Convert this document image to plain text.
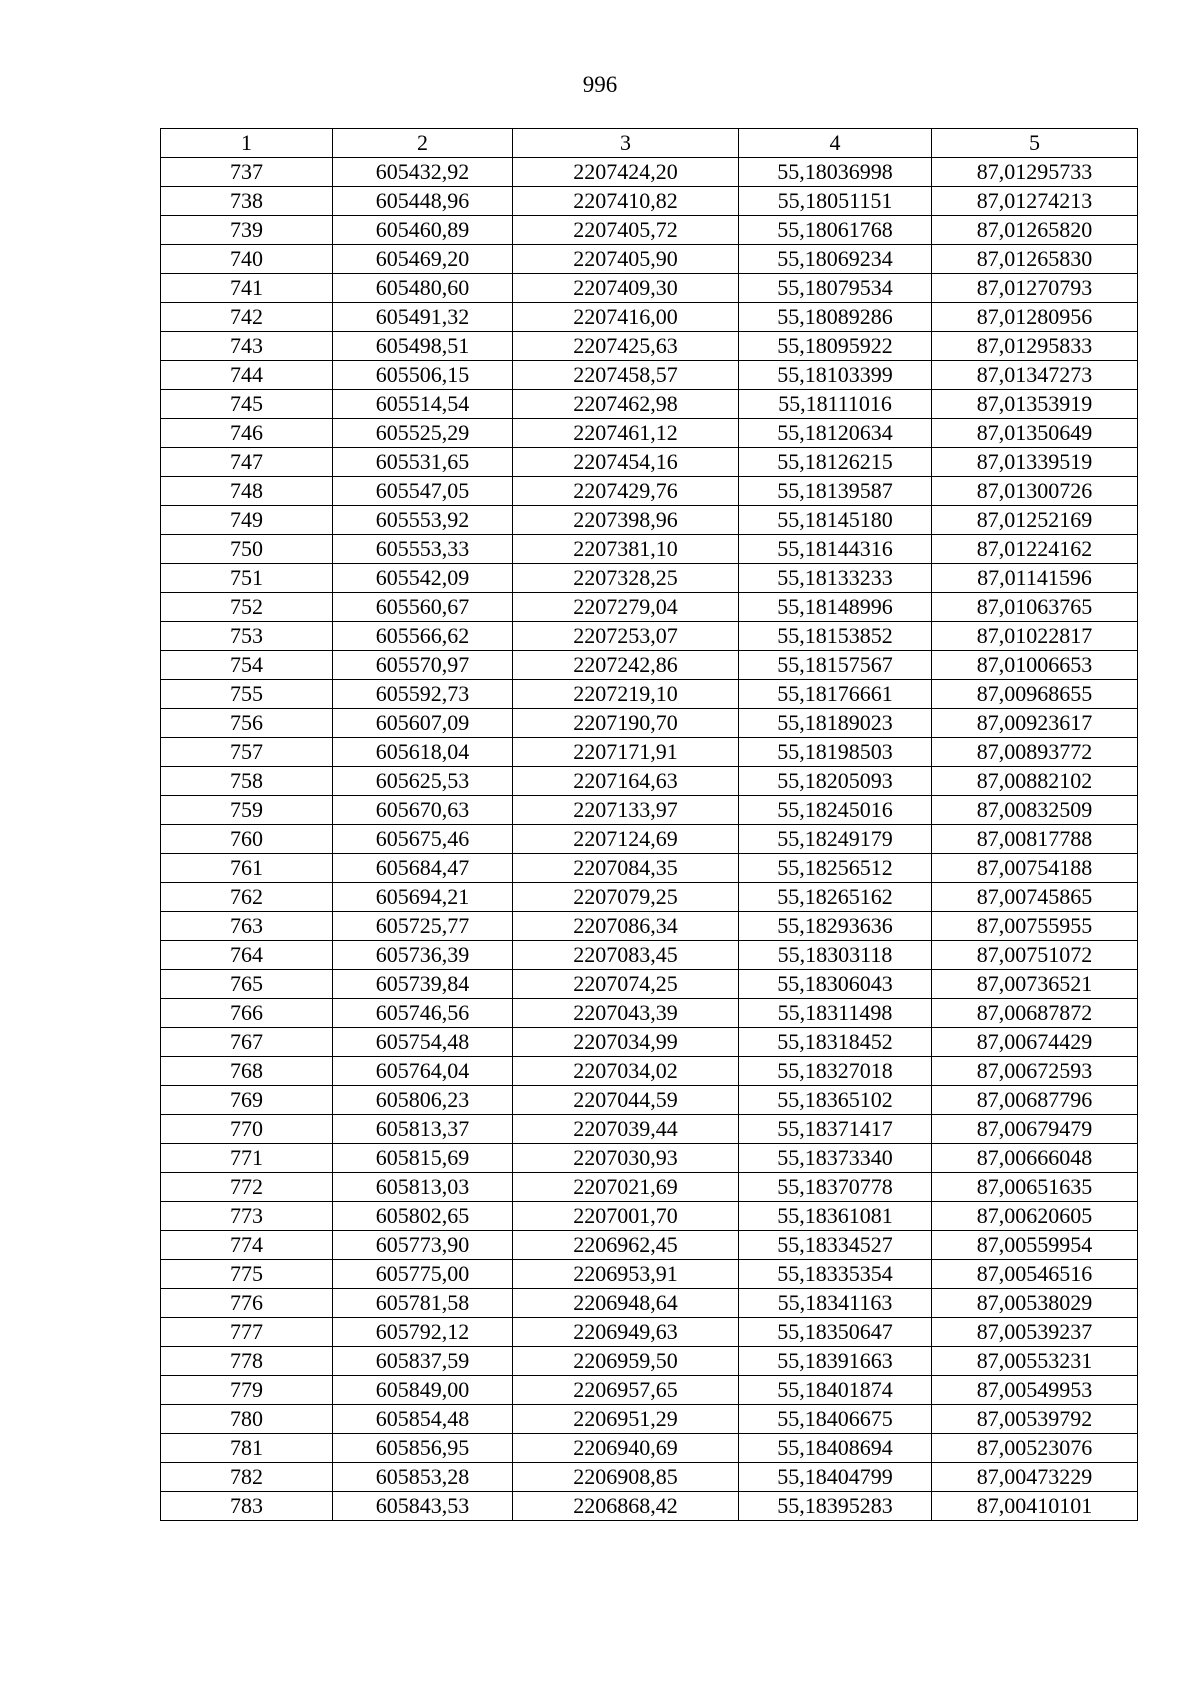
996
1	2	3	4	5
737	605432,92	2207424,20	55,18036998	87,01295733
738	605448,96	2207410,82	55,18051151	87,01274213
739	605460,89	2207405,72	55,18061768	87,01265820
740	605469,20	2207405,90	55,18069234	87,01265830
741	605480,60	2207409,30	55,18079534	87,01270793
742	605491,32	2207416,00	55,18089286	87,01280956
743	605498,51	2207425,63	55,18095922	87,01295833
744	605506,15	2207458,57	55,18103399	87,01347273
745	605514,54	2207462,98	55,18111016	87,01353919
746	605525,29	2207461,12	55,18120634	87,01350649
747	605531,65	2207454,16	55,18126215	87,01339519
748	605547,05	2207429,76	55,18139587	87,01300726
749	605553,92	2207398,96	55,18145180	87,01252169
750	605553,33	2207381,10	55,18144316	87,01224162
751	605542,09	2207328,25	55,18133233	87,01141596
752	605560,67	2207279,04	55,18148996	87,01063765
753	605566,62	2207253,07	55,18153852	87,01022817
754	605570,97	2207242,86	55,18157567	87,01006653
755	605592,73	2207219,10	55,18176661	87,00968655
756	605607,09	2207190,70	55,18189023	87,00923617
757	605618,04	2207171,91	55,18198503	87,00893772
758	605625,53	2207164,63	55,18205093	87,00882102
759	605670,63	2207133,97	55,18245016	87,00832509
760	605675,46	2207124,69	55,18249179	87,00817788
761	605684,47	2207084,35	55,18256512	87,00754188
762	605694,21	2207079,25	55,18265162	87,00745865
763	605725,77	2207086,34	55,18293636	87,00755955
764	605736,39	2207083,45	55,18303118	87,00751072
765	605739,84	2207074,25	55,18306043	87,00736521
766	605746,56	2207043,39	55,18311498	87,00687872
767	605754,48	2207034,99	55,18318452	87,00674429
768	605764,04	2207034,02	55,18327018	87,00672593
769	605806,23	2207044,59	55,18365102	87,00687796
770	605813,37	2207039,44	55,18371417	87,00679479
771	605815,69	2207030,93	55,18373340	87,00666048
772	605813,03	2207021,69	55,18370778	87,00651635
773	605802,65	2207001,70	55,18361081	87,00620605
774	605773,90	2206962,45	55,18334527	87,00559954
775	605775,00	2206953,91	55,18335354	87,00546516
776	605781,58	2206948,64	55,18341163	87,00538029
777	605792,12	2206949,63	55,18350647	87,00539237
778	605837,59	2206959,50	55,18391663	87,00553231
779	605849,00	2206957,65	55,18401874	87,00549953
780	605854,48	2206951,29	55,18406675	87,00539792
781	605856,95	2206940,69	55,18408694	87,00523076
782	605853,28	2206908,85	55,18404799	87,00473229
783	605843,53	2206868,42	55,18395283	87,00410101
